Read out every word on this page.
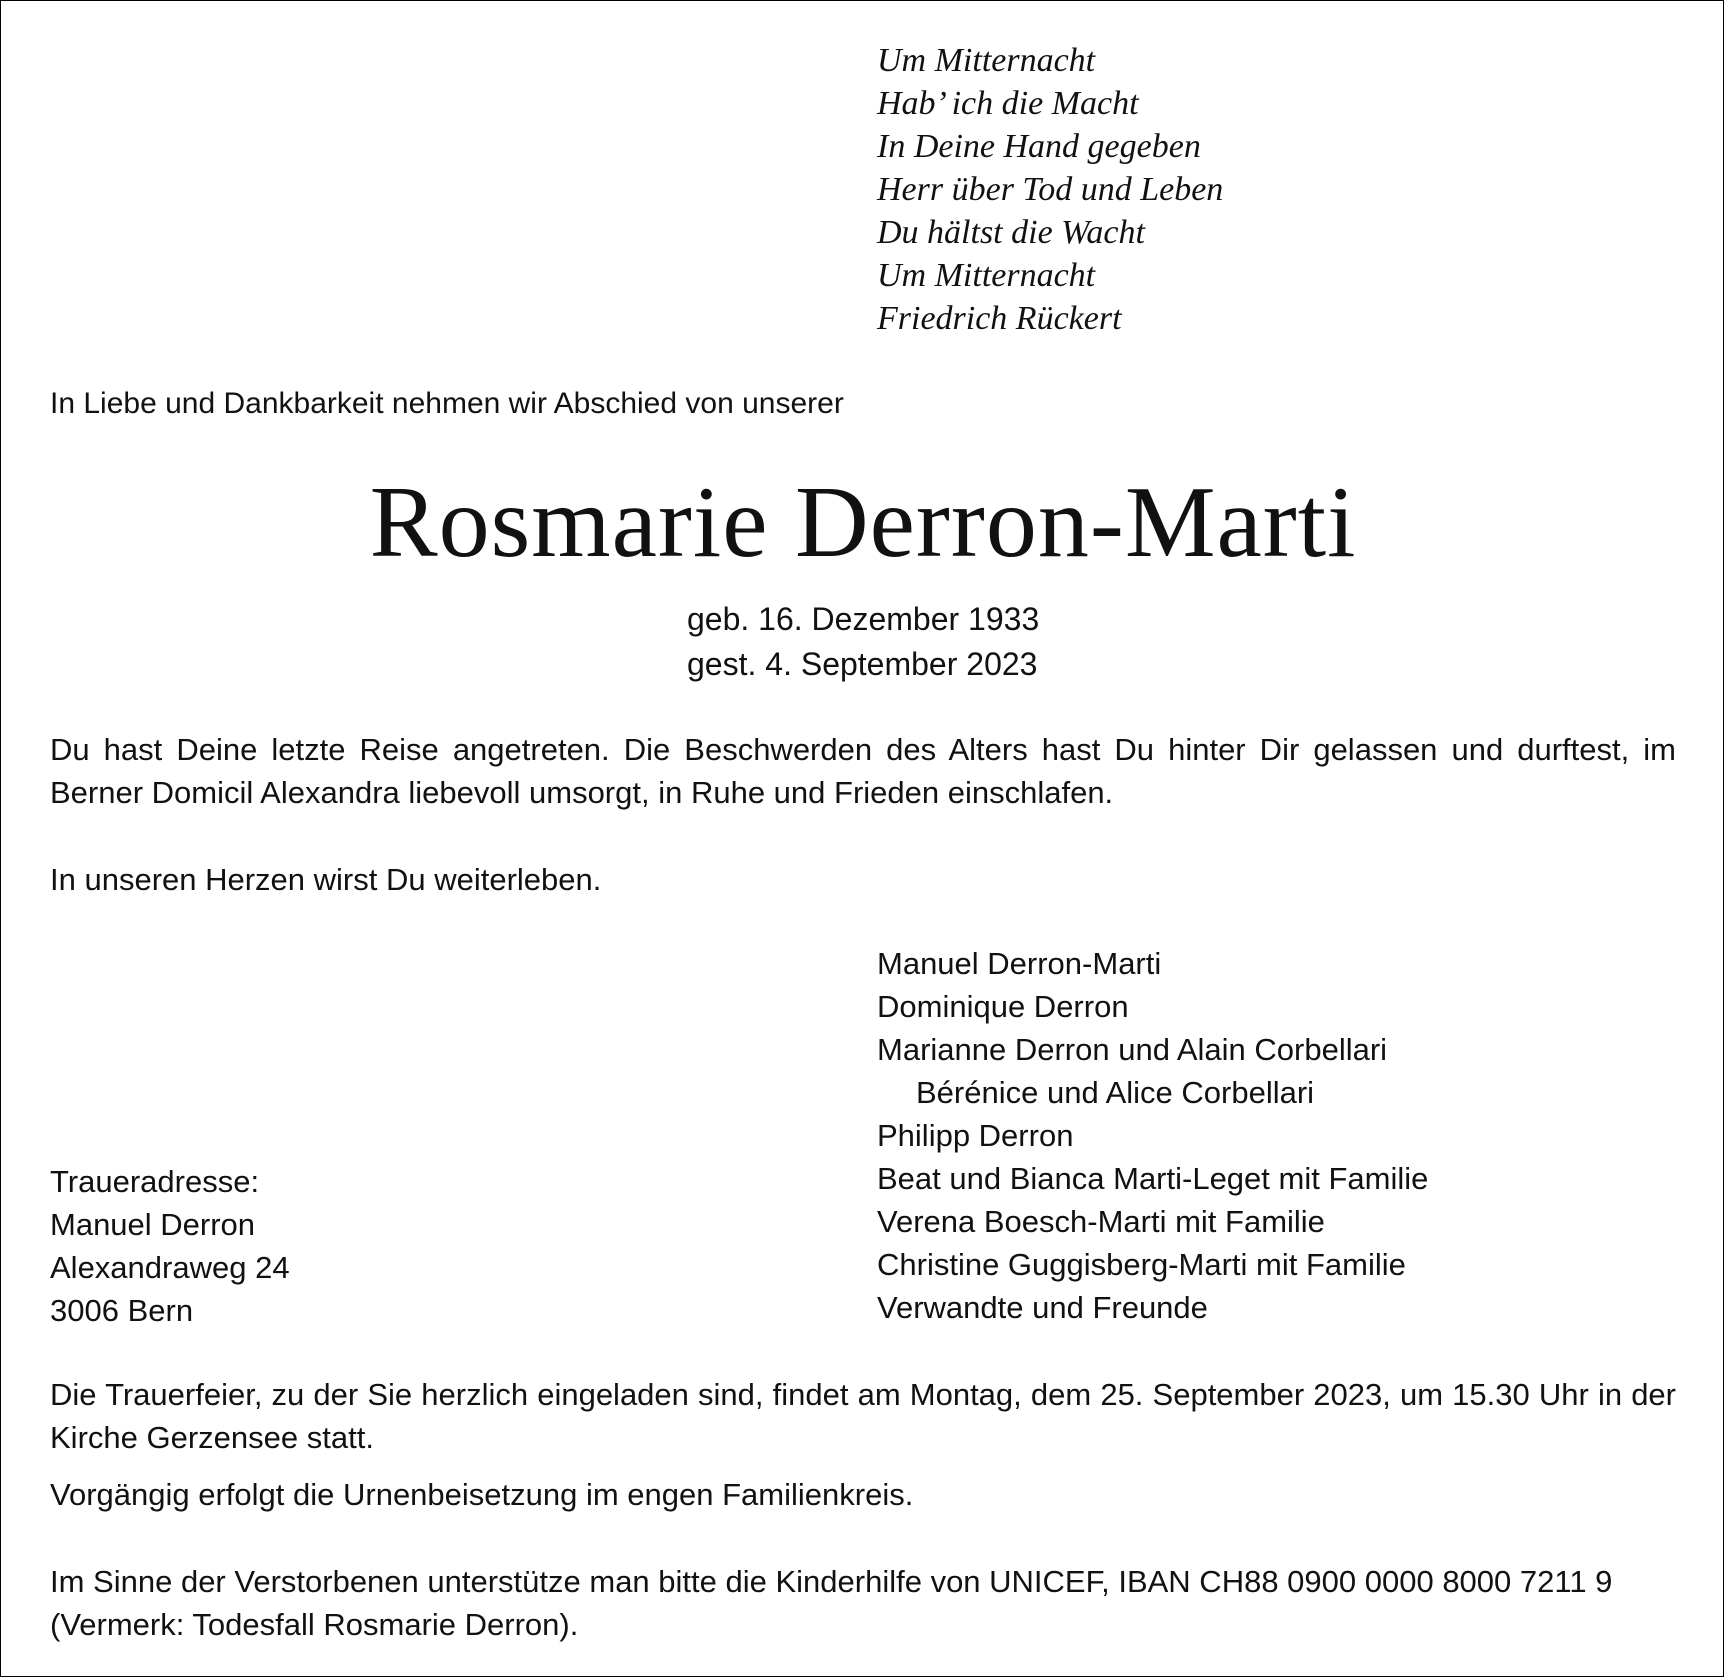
Um Mitternacht
Hab’ ich die Macht
In Deine Hand gegeben
Herr über Tod und Leben
Du hältst die Wacht
Um Mitternacht
Friedrich Rückert
In Liebe und Dankbarkeit nehmen wir Abschied von unserer
Rosmarie Derron-Marti
geb. 16. Dezember 1933
gest. 4. September 2023
Du hast Deine letzte Reise angetreten. Die Beschwerden des Alters hast Du hinter Dir gelassen und durftest, im Berner Domicil Alexandra liebevoll umsorgt, in Ruhe und Frieden einschlafen.
In unseren Herzen wirst Du weiterleben.
Manuel Derron-Marti
Dominique Derron
Marianne Derron und Alain Corbellari
Bérénice und Alice Corbellari
Philipp Derron
Beat und Bianca Marti-Leget mit Familie
Verena Boesch-Marti mit Familie
Christine Guggisberg-Marti mit Familie
Verwandte und Freunde
Traueradresse:
Manuel Derron
Alexandraweg 24
3006 Bern
Die Trauerfeier, zu der Sie herzlich eingeladen sind, findet am Montag, dem 25. September 2023, um 15.30 Uhr in der Kirche Gerzensee statt.
Vorgängig erfolgt die Urnenbeisetzung im engen Familienkreis.
Im Sinne der Verstorbenen unterstütze man bitte die Kinderhilfe von UNICEF, IBAN CH88 0900 0000 8000 7211 9
(Vermerk: Todesfall Rosmarie Derron).
